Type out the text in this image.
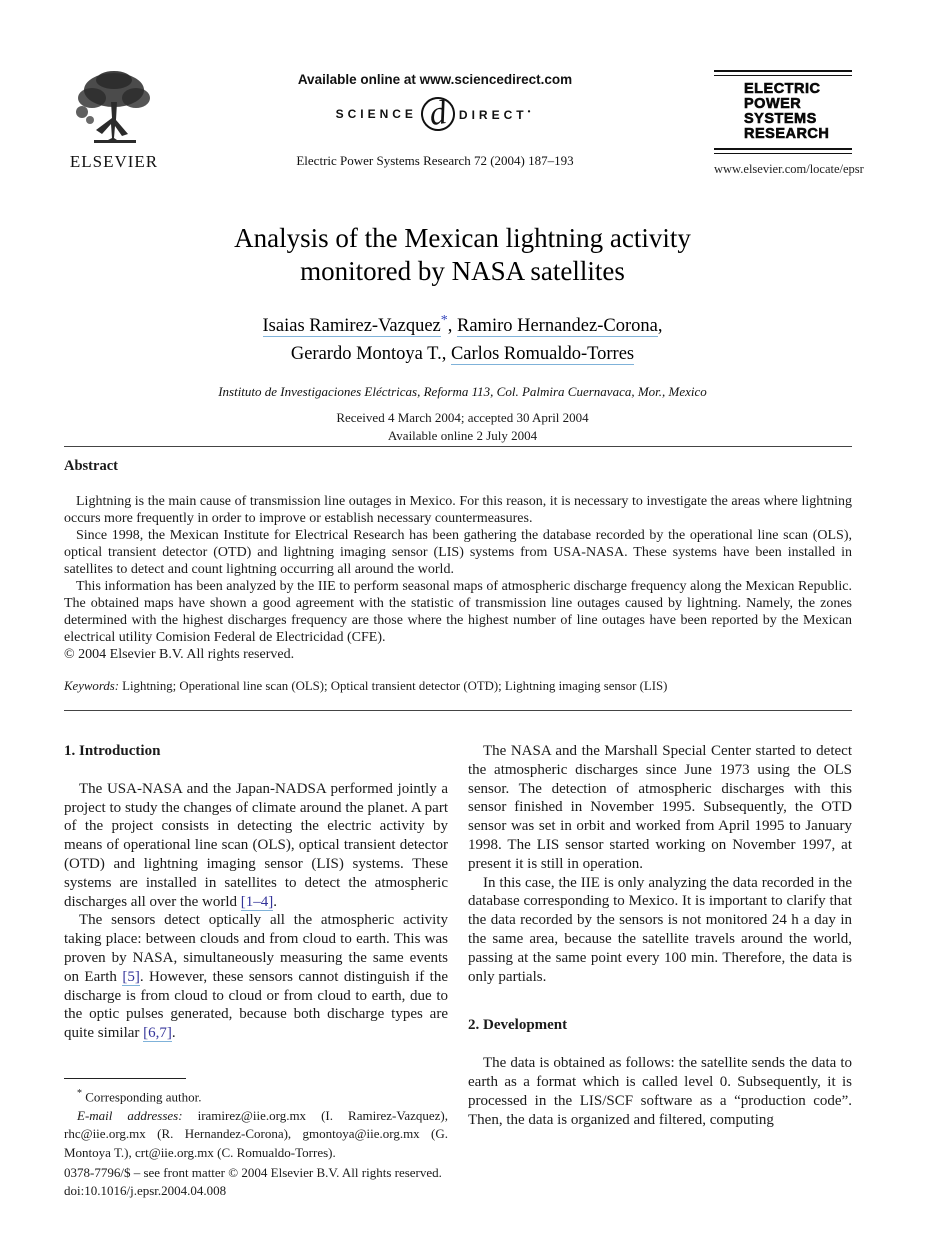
ELSEVIER
Available online at www.sciencedirect.com
SCIENCE d DIRECT•
Electric Power Systems Research 72 (2004) 187–193
ELECTRIC
POWER
SYSTEMS
RESEARCH
www.elsevier.com/locate/epsr
Analysis of the Mexican lightning activity
monitored by NASA satellites
Isaias Ramirez-Vazquez*, Ramiro Hernandez-Corona,
Gerardo Montoya T., Carlos Romualdo-Torres
Instituto de Investigaciones Eléctricas, Reforma 113, Col. Palmira Cuernavaca, Mor., Mexico
Received 4 March 2004; accepted 30 April 2004
Available online 2 July 2004
Abstract

Lightning is the main cause of transmission line outages in Mexico. For this reason, it is necessary to investigate the areas where lightning occurs more frequently in order to improve or establish necessary countermeasures.

Since 1998, the Mexican Institute for Electrical Research has been gathering the database recorded by the operational line scan (OLS), optical transient detector (OTD) and lightning imaging sensor (LIS) systems from USA-NASA. These systems have been installed in satellites to detect and count lightning occurring all around the world.

This information has been analyzed by the IIE to perform seasonal maps of atmospheric discharge frequency along the Mexican Republic. The obtained maps have shown a good agreement with the statistic of transmission line outages caused by lightning. Namely, the zones determined with the highest discharges frequency are those where the highest number of line outages have been reported by the Mexican electrical utility Comision Federal de Electricidad (CFE).

© 2004 Elsevier B.V. All rights reserved.
Keywords: Lightning; Operational line scan (OLS); Optical transient detector (OTD); Lightning imaging sensor (LIS)
1. Introduction

The USA-NASA and the Japan-NADSA performed jointly a project to study the changes of climate around the planet. A part of the project consists in detecting the electric activity by means of operational line scan (OLS), optical transient detector (OTD) and lightning imaging sensor (LIS) systems. These systems are installed in satellites to detect the atmospheric discharges all over the world [1–4].

The sensors detect optically all the atmospheric activity taking place: between clouds and from cloud to earth. This was proven by NASA, simultaneously measuring the same events on Earth [5]. However, these sensors cannot distinguish if the discharge is from cloud to cloud or from cloud to earth, due to the optic pulses generated, because both discharge types are quite similar [6,7].

The NASA and the Marshall Special Center started to detect the atmospheric discharges since June 1973 using the OLS sensor. The detection of atmospheric discharges with this sensor finished in November 1995. Subsequently, the OTD sensor was set in orbit and worked from April 1995 to January 1998. The LIS sensor started working on November 1997, at present it is still in operation.

In this case, the IIE is only analyzing the data recorded in the database corresponding to Mexico. It is important to clarify that the data recorded by the sensors is not monitored 24 h a day in the same area, because the satellite travels around the world, passing at the same point every 100 min. Therefore, the data is only partials.

2. Development

The data is obtained as follows: the satellite sends the data to earth as a format which is called level 0. Subsequently, it is processed in the LIS/SCF software as a “production code”. Then, the data is organized and filtered, computing

* Corresponding author.
E-mail addresses: iramirez@iie.org.mx (I. Ramirez-Vazquez), rhc@iie.org.mx (R. Hernandez-Corona), gmontoya@iie.org.mx (G. Montoya T.), crt@iie.org.mx (C. Romualdo-Torres).
0378-7796/$ – see front matter © 2004 Elsevier B.V. All rights reserved.
doi:10.1016/j.epsr.2004.04.008
